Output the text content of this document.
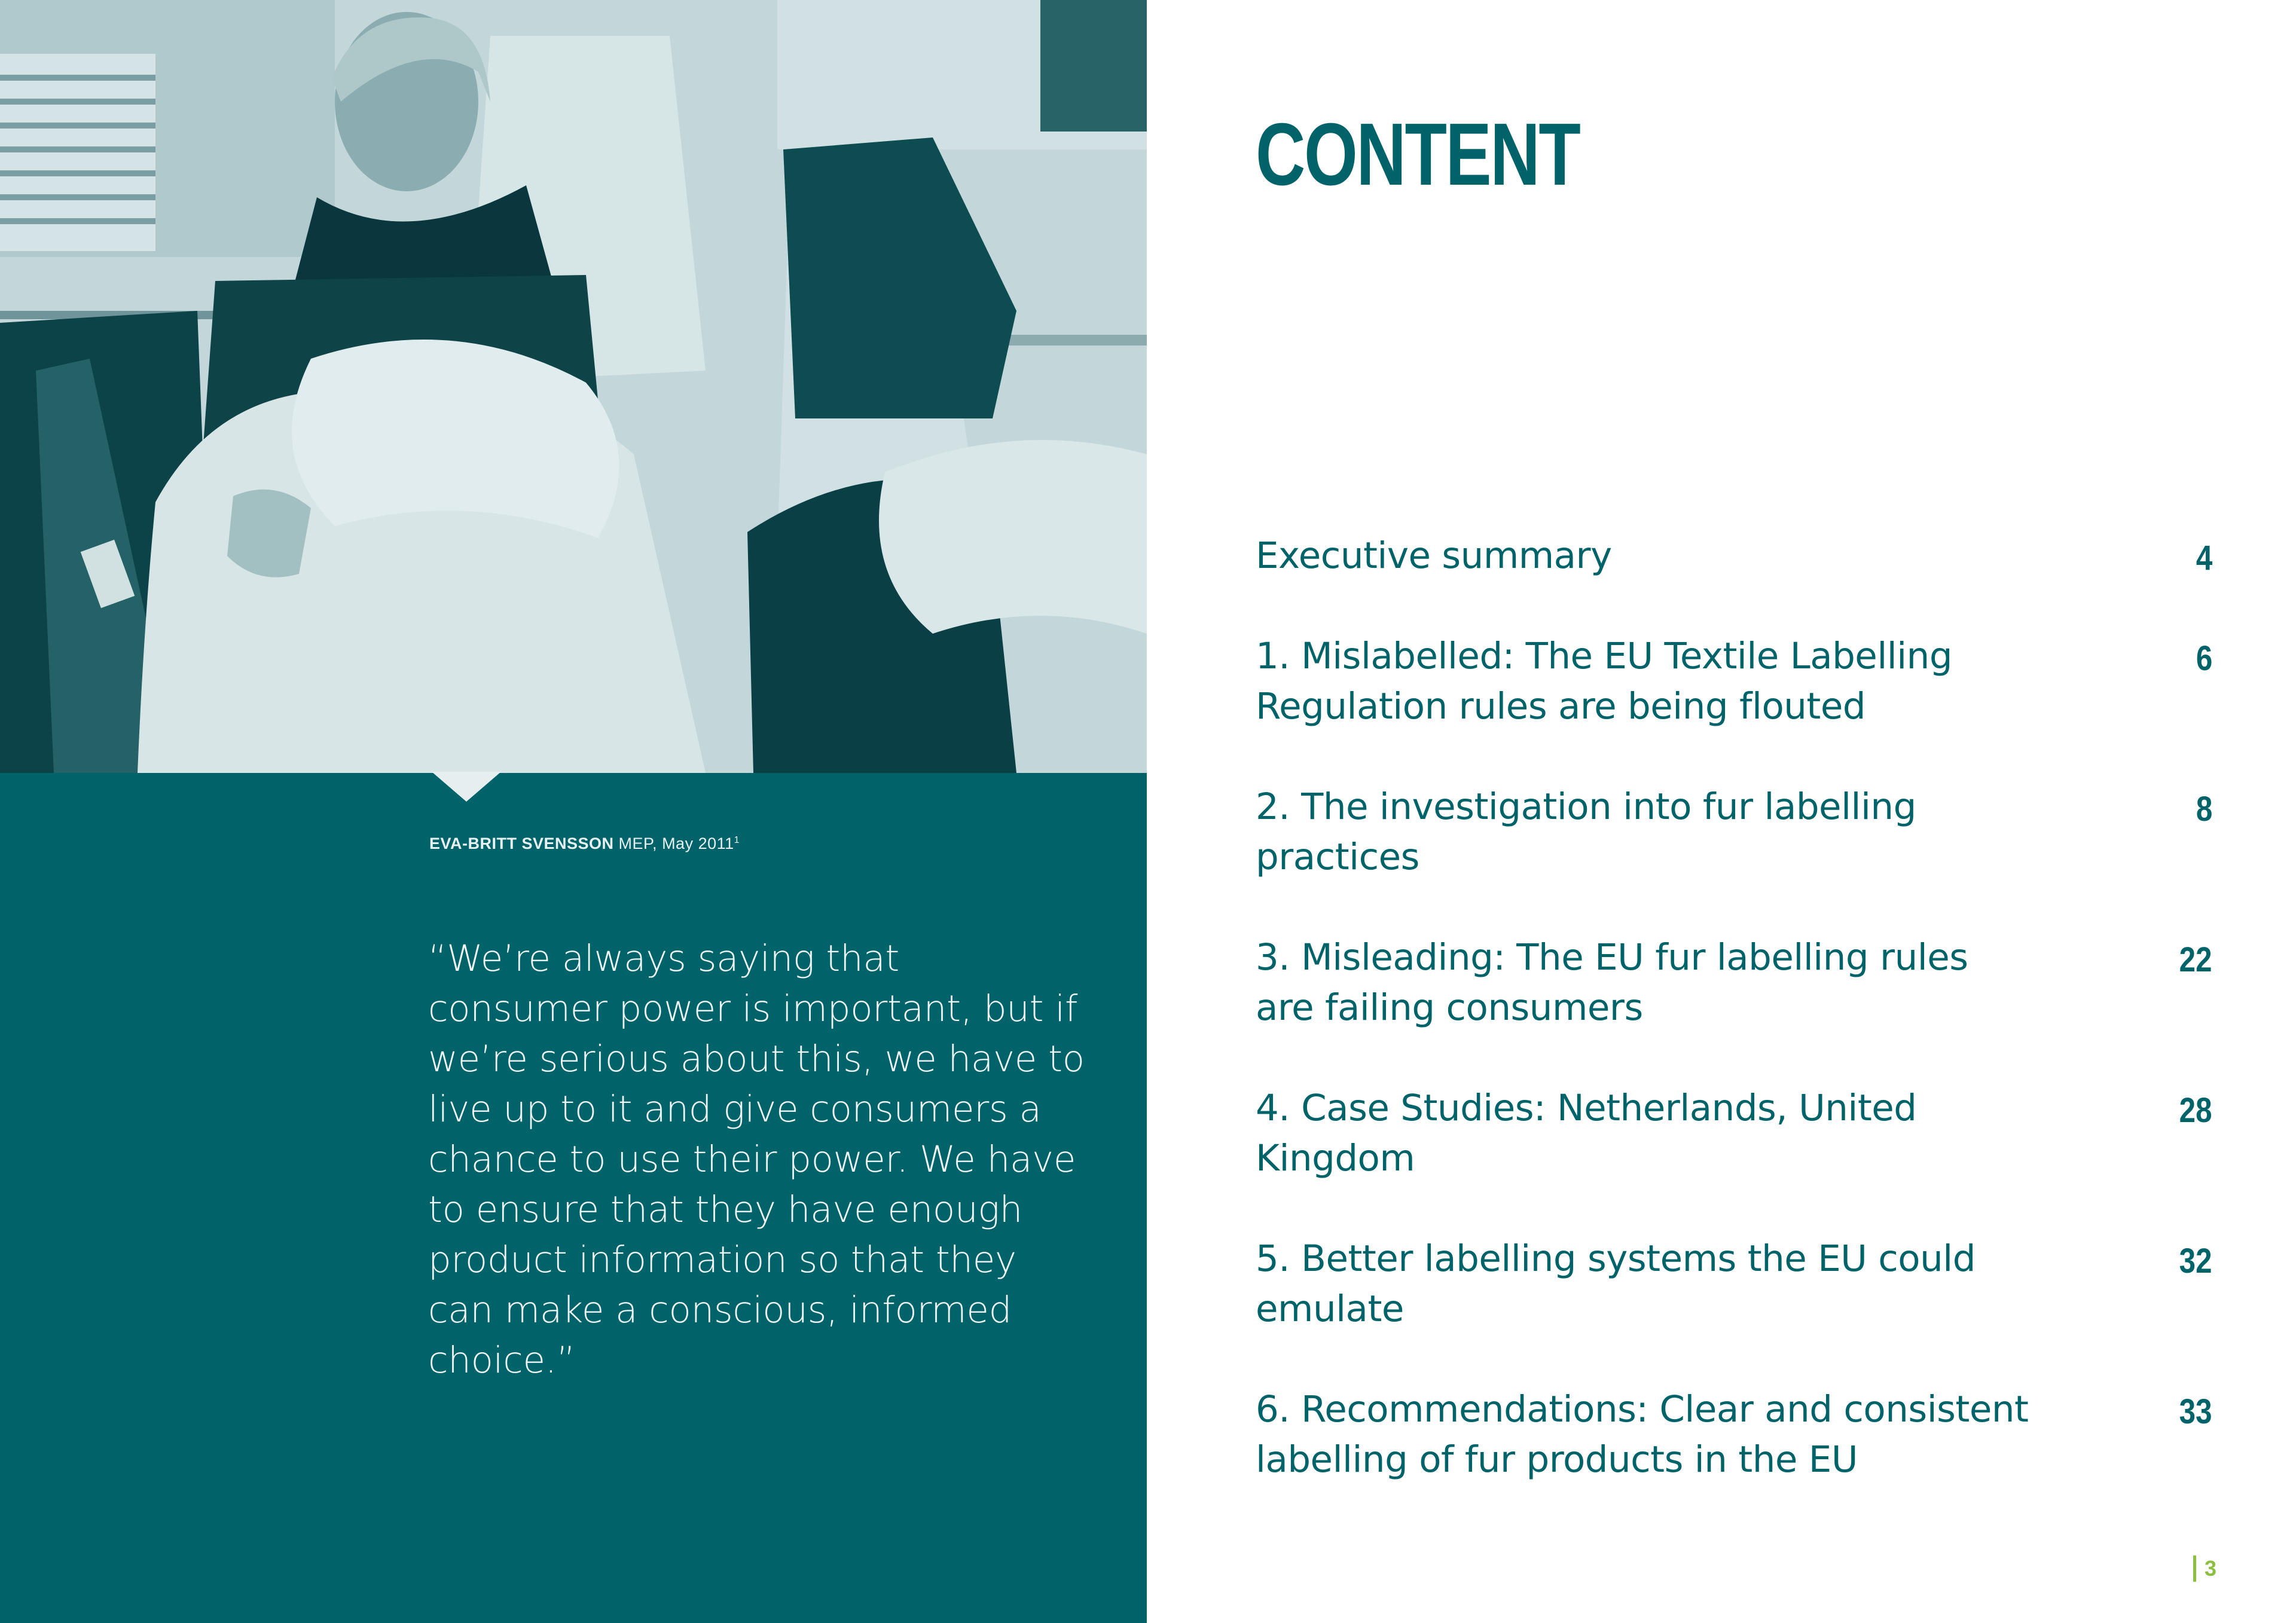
EVA-BRITT SVENSSON MEP, May 2011$^1$
“We’re always saying that consumer power is important, but if we’re serious about this, we have to live up to it and give consumers a chance to use their power. We have to ensure that they have enough product information so that they can make a conscious, informed choice.”
CONTENT
Executive summary	4
1. Mislabelled: The EU Textile Labelling Regulation rules are being flouted
6
2. The investigation into fur labelling practices
8
3. Misleading: The EU fur labelling rules are failing consumers
22
4. Case Studies: Netherlands, United Kingdom
28
5. Better labelling systems the EU could emulate
32
6. Recommendations: Clear and consistent labelling of fur products in the EU
33
3
